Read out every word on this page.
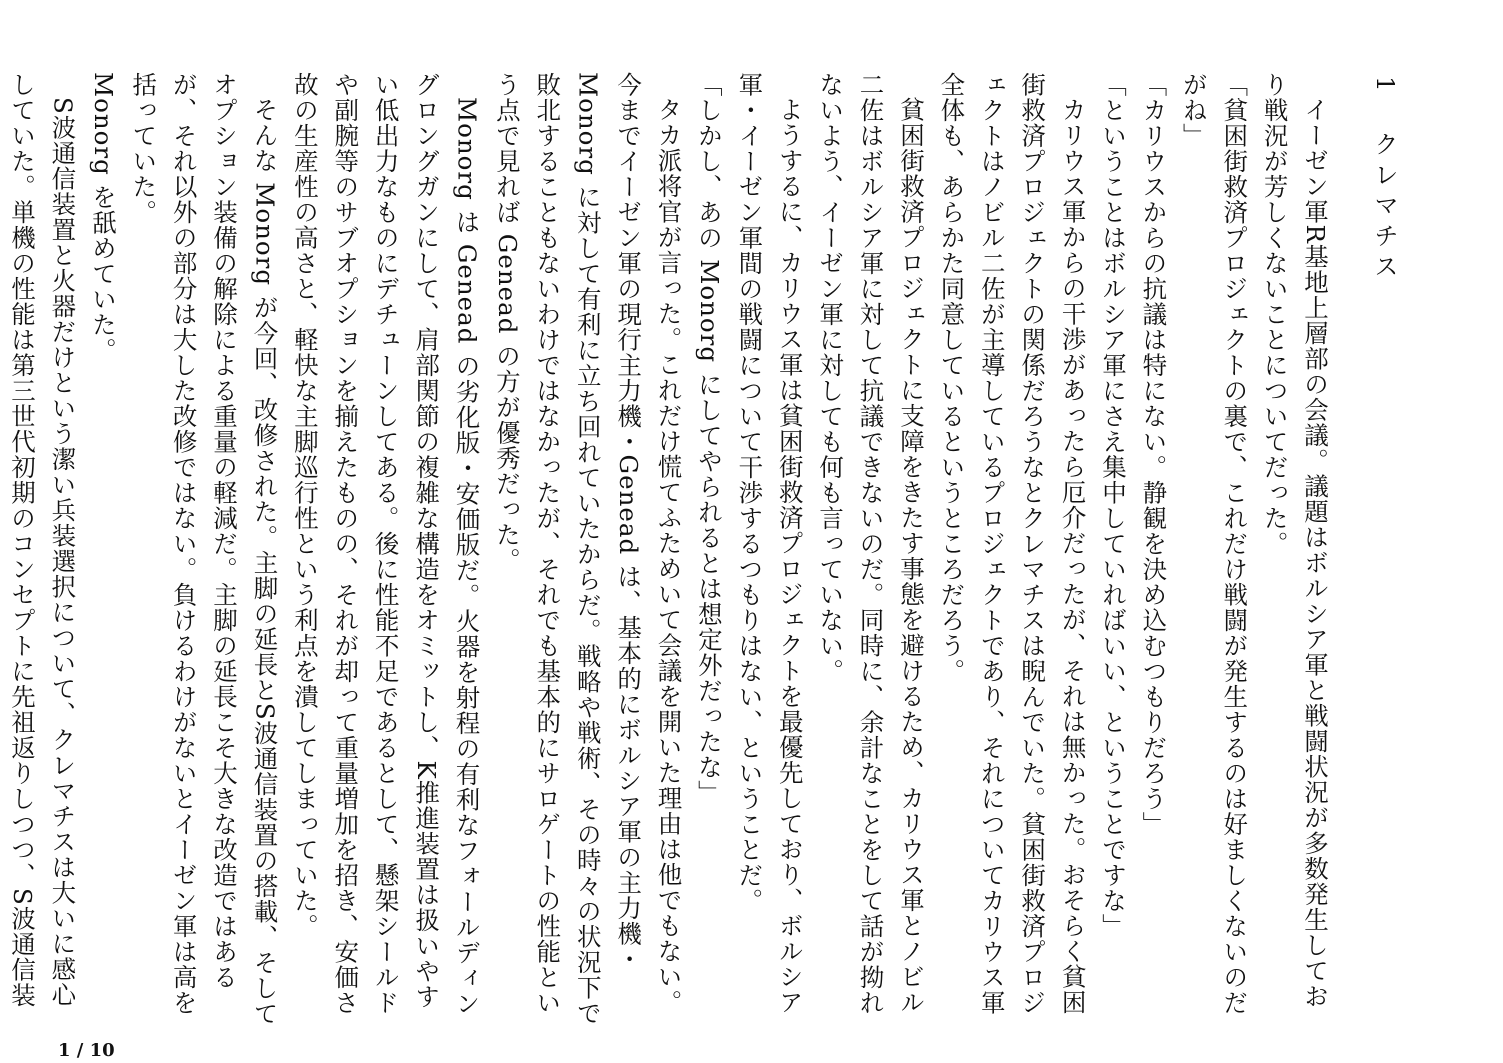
1クレマチス

イーゼン軍R基地上層部の会議。議題はボルシア軍と戦闘状況が多数発生しており戦況が芳しくないことについてだった。

「貧困街救済プロジェクトの裏で、これだけ戦闘が発生するのは好ましくないのだがね」

「カリウスからの抗議は特にない。静観を決め込むつもりだろう」

「ということはボルシア軍にさえ集中していればいい、ということですな」

カリウス軍からの干渉があったら厄介だったが、それは無かった。おそらく貧困街救済プロジェクトの関係だろうなとクレマチスは睨んでいた。貧困街救済プロジェクトはノビル二佐が主導しているプロジェクトであり、それについてカリウス軍全体も、あらかた同意しているというところだろう。

貧困街救済プロジェクトに支障をきたす事態を避けるため、カリウス軍とノビル二佐はボルシア軍に対して抗議できないのだ。同時に、余計なことをして話が拗れないよう、イーゼン軍に対しても何も言っていない。

ようするに、カリウス軍は貧困街救済プロジェクトを最優先しており、ボルシア軍・イーゼン軍間の戦闘について干渉するつもりはない、ということだ。

「しかし、あの Monorg にしてやられるとは想定外だったな」

タカ派将官が言った。これだけ慌てふためいて会議を開いた理由は他でもない。今までイーゼン軍の現行主力機・Genead は、基本的にボルシア軍の主力機・Monorg に対して有利に立ち回れていたからだ。戦略や戦術、その時々の状況下で敗北することもないわけではなかったが、それでも基本的にサロゲートの性能という点で見れば Genead の方が優秀だった。

Monorg は Genead の劣化版・安価版だ。火器を射程の有利なフォールディングロングガンにして、肩部関節の複雑な構造をオミットし、K推進装置は扱いやすい低出力なものにデチューンしてある。後に性能不足であるとして、懸架シールドや副腕等のサブオプションを揃えたものの、それが却って重量増加を招き、安価さ故の生産性の高さと、軽快な主脚巡行性という利点を潰してしまっていた。

そんな Monorg が今回、改修された。主脚の延長とS波通信装置の搭載、そしてオプション装備の解除による重量の軽減だ。主脚の延長こそ大きな改造ではあるが、それ以外の部分は大した改修ではない。負けるわけがないとイーゼン軍は高を括っていた。

Monorg を舐めていた。

S波通信装置と火器だけという潔い兵装選択について、クレマチスは大いに感心していた。単機の性能は第三世代初期のコンセプトに先祖返りしつつ、S波通信装

1 / 10
